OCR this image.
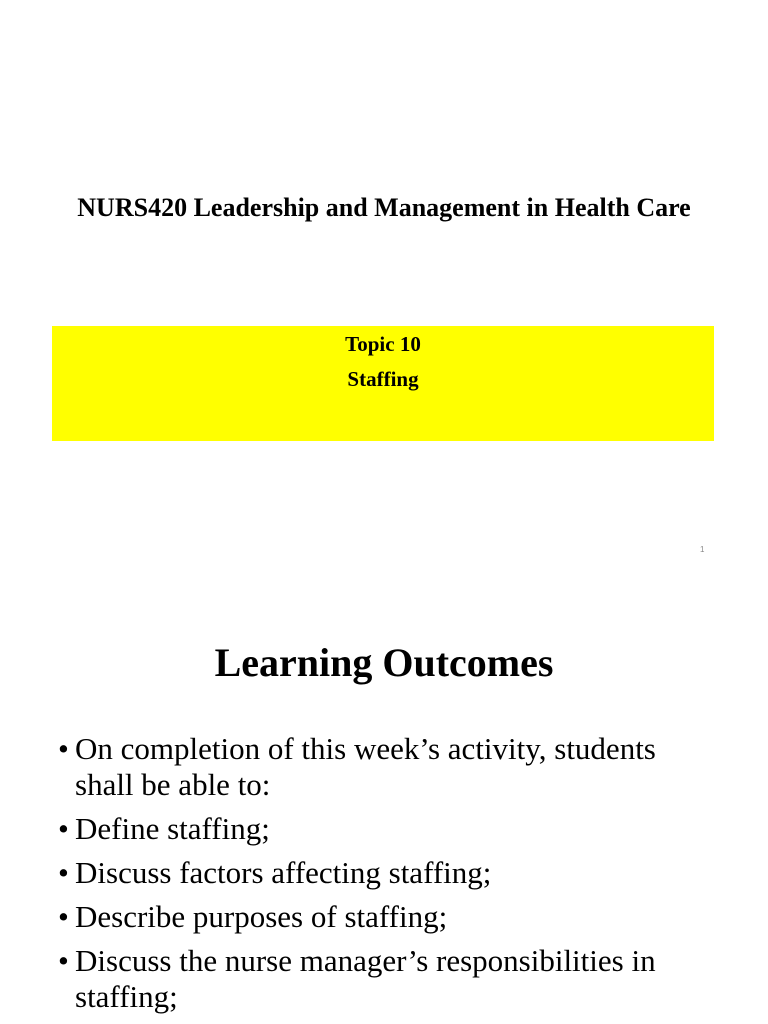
NURS420 Leadership and Management in Health Care
Topic 10
Staffing
1
Learning Outcomes
• On completion of this week’s activity, students shall be able to:
• Define staffing;
• Discuss factors affecting staffing;
• Describe purposes of staffing;
• Discuss the nurse manager’s responsibilities in staffing;
